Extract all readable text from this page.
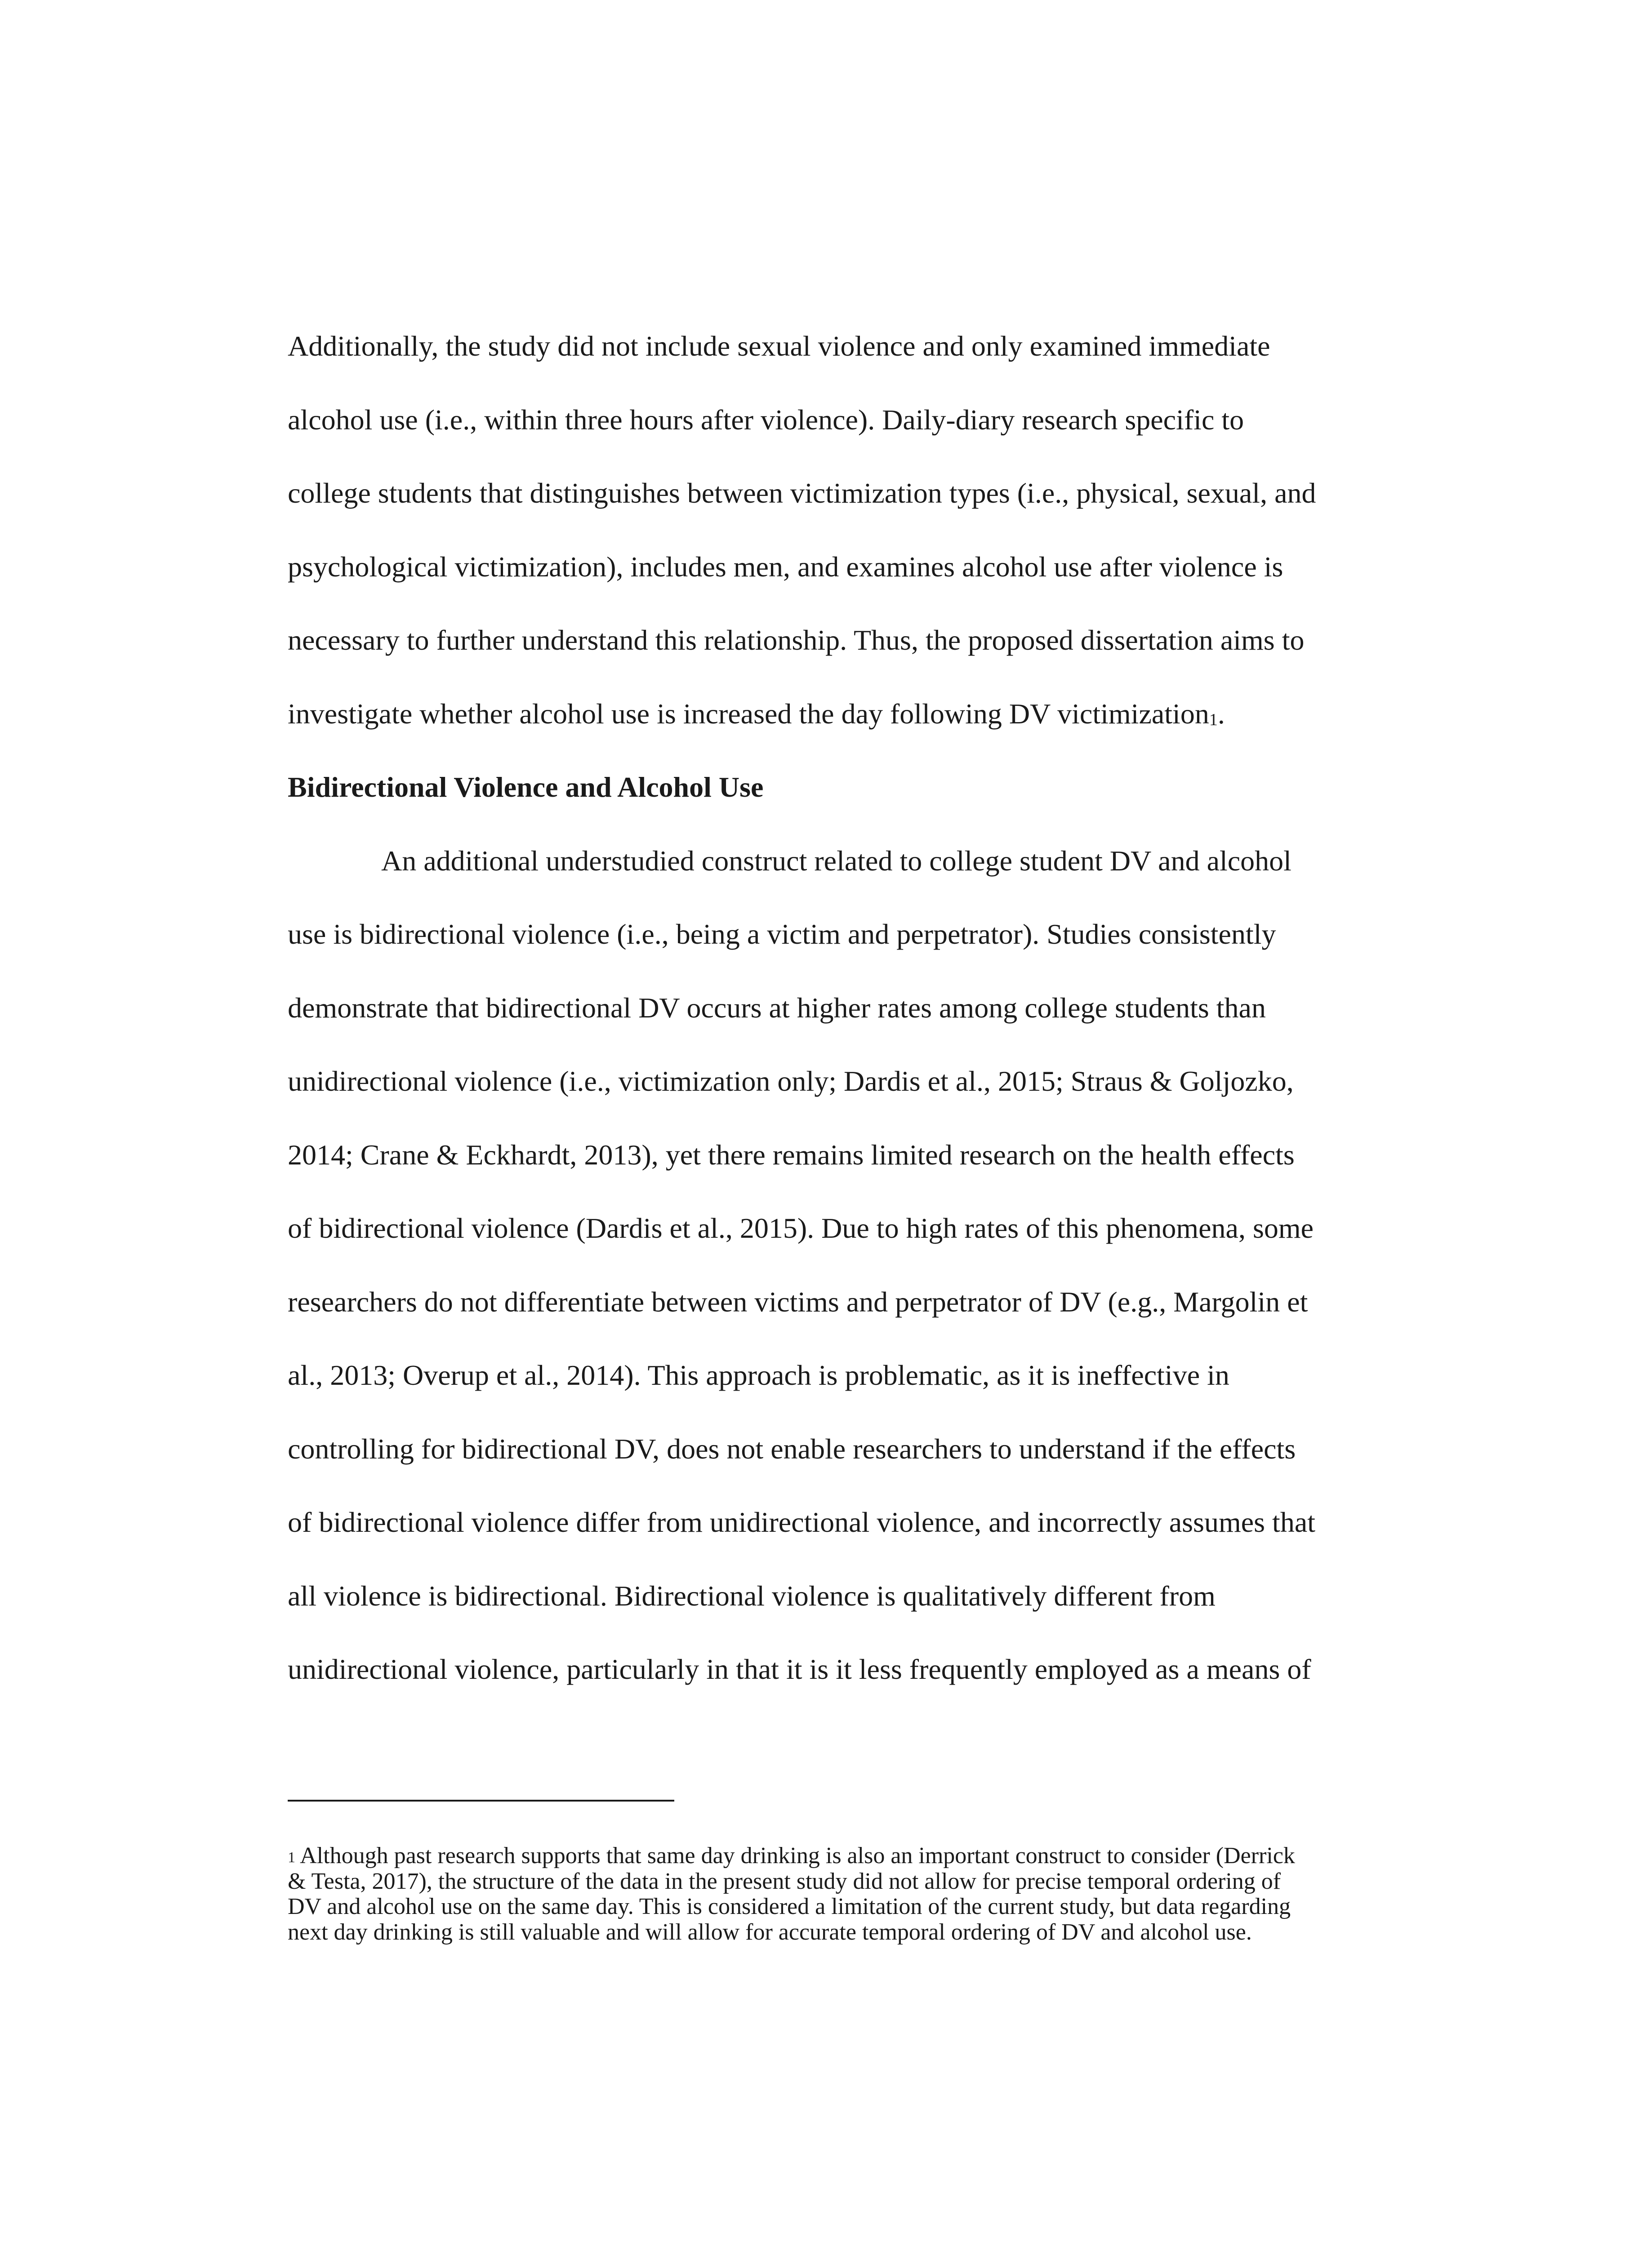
Additionally, the study did not include sexual violence and only examined immediate
alcohol use (i.e., within three hours after violence). Daily-diary research specific to
college students that distinguishes between victimization types (i.e., physical, sexual, and
psychological victimization), includes men, and examines alcohol use after violence is
necessary to further understand this relationship. Thus, the proposed dissertation aims to
investigate whether alcohol use is increased the day following DV victimization$^1$.
Bidirectional Violence and Alcohol Use
An additional understudied construct related to college student DV and alcohol
use is bidirectional violence (i.e., being a victim and perpetrator). Studies consistently
demonstrate that bidirectional DV occurs at higher rates among college students than
unidirectional violence (i.e., victimization only; Dardis et al., 2015; Straus & Goljozko,
2014; Crane & Eckhardt, 2013), yet there remains limited research on the health effects
of bidirectional violence (Dardis et al., 2015). Due to high rates of this phenomena, some
researchers do not differentiate between victims and perpetrator of DV (e.g., Margolin et
al., 2013; Overup et al., 2014). This approach is problematic, as it is ineffective in
controlling for bidirectional DV, does not enable researchers to understand if the effects
of bidirectional violence differ from unidirectional violence, and incorrectly assumes that
all violence is bidirectional. Bidirectional violence is qualitatively different from
unidirectional violence, particularly in that it is it less frequently employed as a means of
$^1$ Although past research supports that same day drinking is also an important construct to consider (Derrick
& Testa, 2017), the structure of the data in the present study did not allow for precise temporal ordering of
DV and alcohol use on the same day. This is considered a limitation of the current study, but data regarding
next day drinking is still valuable and will allow for accurate temporal ordering of DV and alcohol use.
